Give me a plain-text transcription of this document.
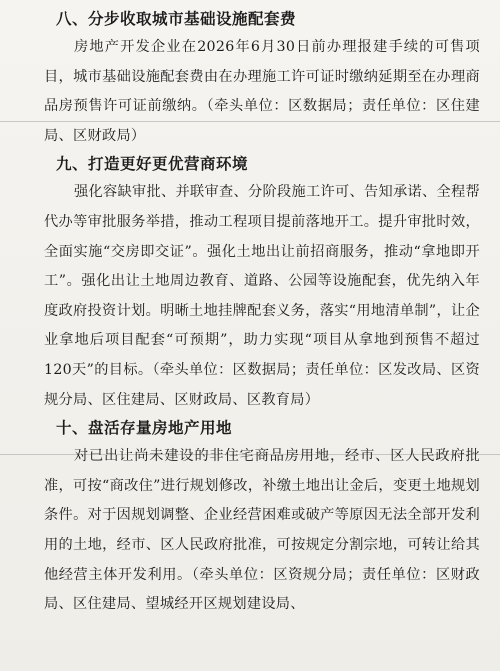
八、分步收取城市基础设施配套费

房地产开发企业在2026年6月30日前办理报建手续的可售项目，城市基础设施配套费由在办理施工许可证时缴纳延期至在办理商品房预售许可证前缴纳。（牵头单位：区数据局；责任单位：区住建局、区财政局）

九、打造更好更优营商环境

强化容缺审批、并联审查、分阶段施工许可、告知承诺、全程帮代办等审批服务举措，推动工程项目提前落地开工。提升审批时效，全面实施“交房即交证”。强化土地出让前招商服务，推动“拿地即开工”。强化出让土地周边教育、道路、公园等设施配套，优先纳入年度政府投资计划。明晰土地挂牌配套义务，落实“用地清单制”，让企业拿地后项目配套“可预期”，助力实现“项目从拿地到预售不超过120天”的目标。（牵头单位：区数据局；责任单位：区发改局、区资规分局、区住建局、区财政局、区教育局）

十、盘活存量房地产用地

对已出让尚未建设的非住宅商品房用地，经市、区人民政府批准，可按“商改住”进行规划修改，补缴土地出让金后，变更土地规划条件。对于因规划调整、企业经营困难或破产等原因无法全部开发利用的土地，经市、区人民政府批准，可按规定分割宗地，可转让给其他经营主体开发利用。（牵头单位：区资规分局；责任单位：区财政局、区住建局、望城经开区规划建设局、
